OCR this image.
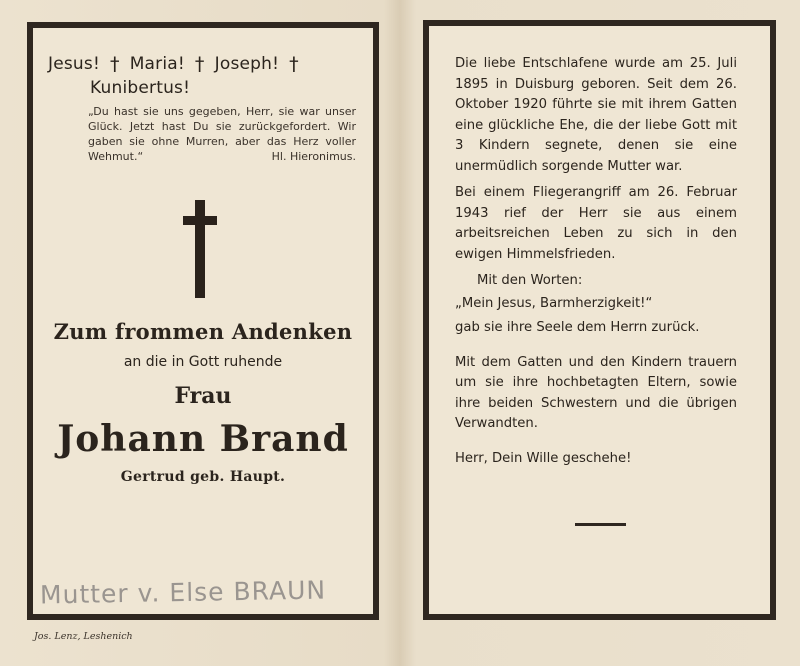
Jesus! † Maria! † Joseph! †
Kunibertus!
„Du hast sie uns gegeben, Herr, sie war unser Glück. Jetzt hast Du sie zurückgefordert. Wir gaben sie ohne Murren, aber das Herz voller Wehmut.“	Hl. Hieronimus.
Zum frommen Andenken
an die in Gott ruhende
Frau
Johann Brand
Gertrud geb. Haupt.
Mutter v. Else BRAUN
Jos. Lenz, Leshenich

Die liebe Entschlafene wurde am 25. Juli 1895 in Duisburg geboren. Seit dem 26. Oktober 1920 führte sie mit ihrem Gatten eine glückliche Ehe, die der liebe Gott mit 3 Kindern segnete, denen sie eine unermüdlich sorgende Mutter war.

Bei einem Fliegerangriff am 26. Februar 1943 rief der Herr sie aus einem arbeitsreichen Leben zu sich in den ewigen Himmelsfrieden.

Mit den Worten:

„Mein Jesus, Barmherzigkeit!“

gab sie ihre Seele dem Herrn zurück.

Mit dem Gatten und den Kindern trauern um sie ihre hochbetagten Eltern, sowie ihre beiden Schwestern und die übrigen Verwandten.

Herr, Dein Wille geschehe!
